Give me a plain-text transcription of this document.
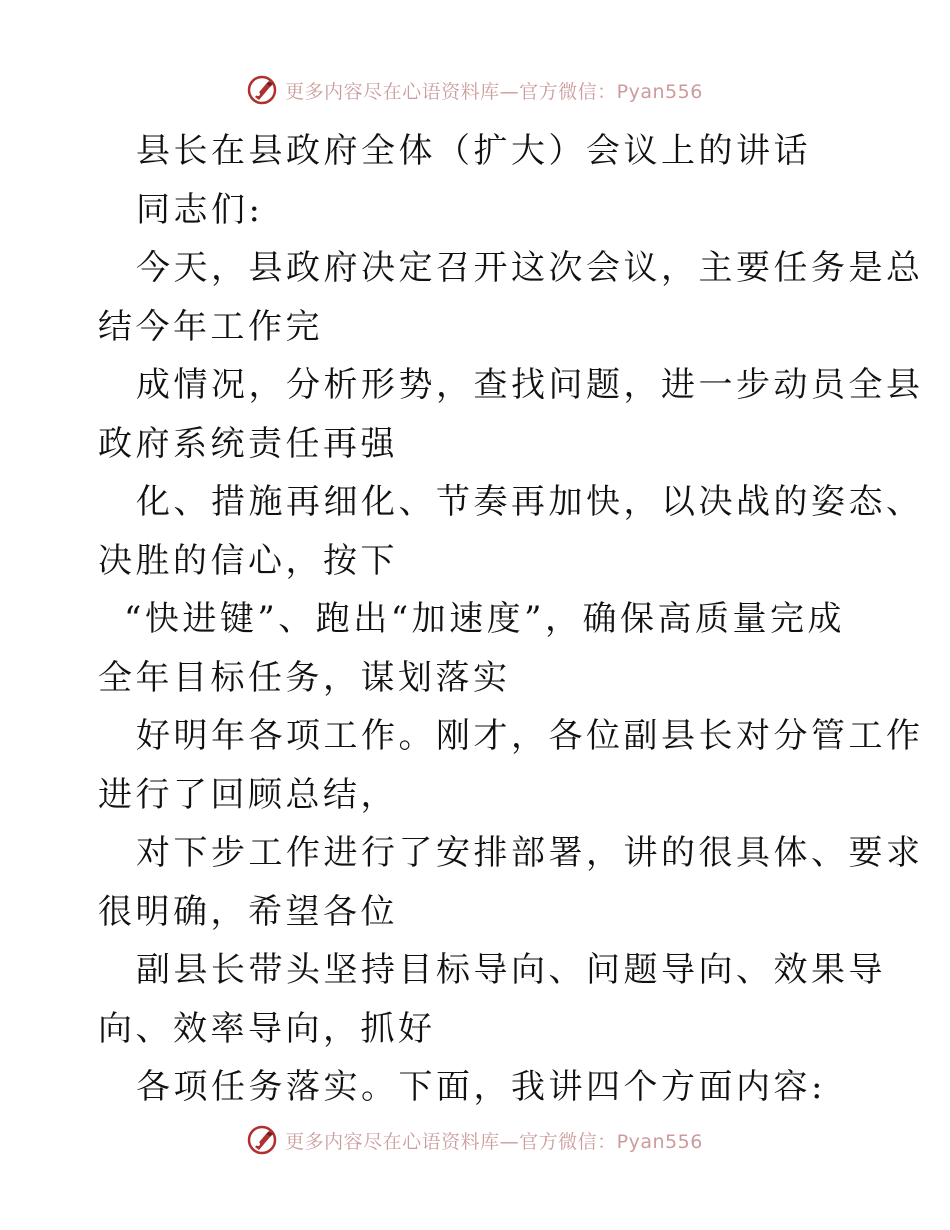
更多内容尽在心语资料库—官方微信：Pyan556
县长在县政府全体（扩大）会议上的讲话
同志们:
今天，县政府决定召开这次会议，主要任务是总
结今年工作完
成情况，分析形势，查找问题，进一步动员全县
政府系统责任再强
化、措施再细化、节奏再加快，以决战的姿态、
决胜的信心，按下
“快进键”、跑出“加速度”，确保高质量完成
全年目标任务，谋划落实
好明年各项工作。刚才，各位副县长对分管工作
进行了回顾总结，
对下步工作进行了安排部署，讲的很具体、要求
很明确，希望各位
副县长带头坚持目标导向、问题导向、效果导
向、效率导向，抓好
各项任务落实。下面，我讲四个方面内容:
更多内容尽在心语资料库—官方微信：Pyan556
